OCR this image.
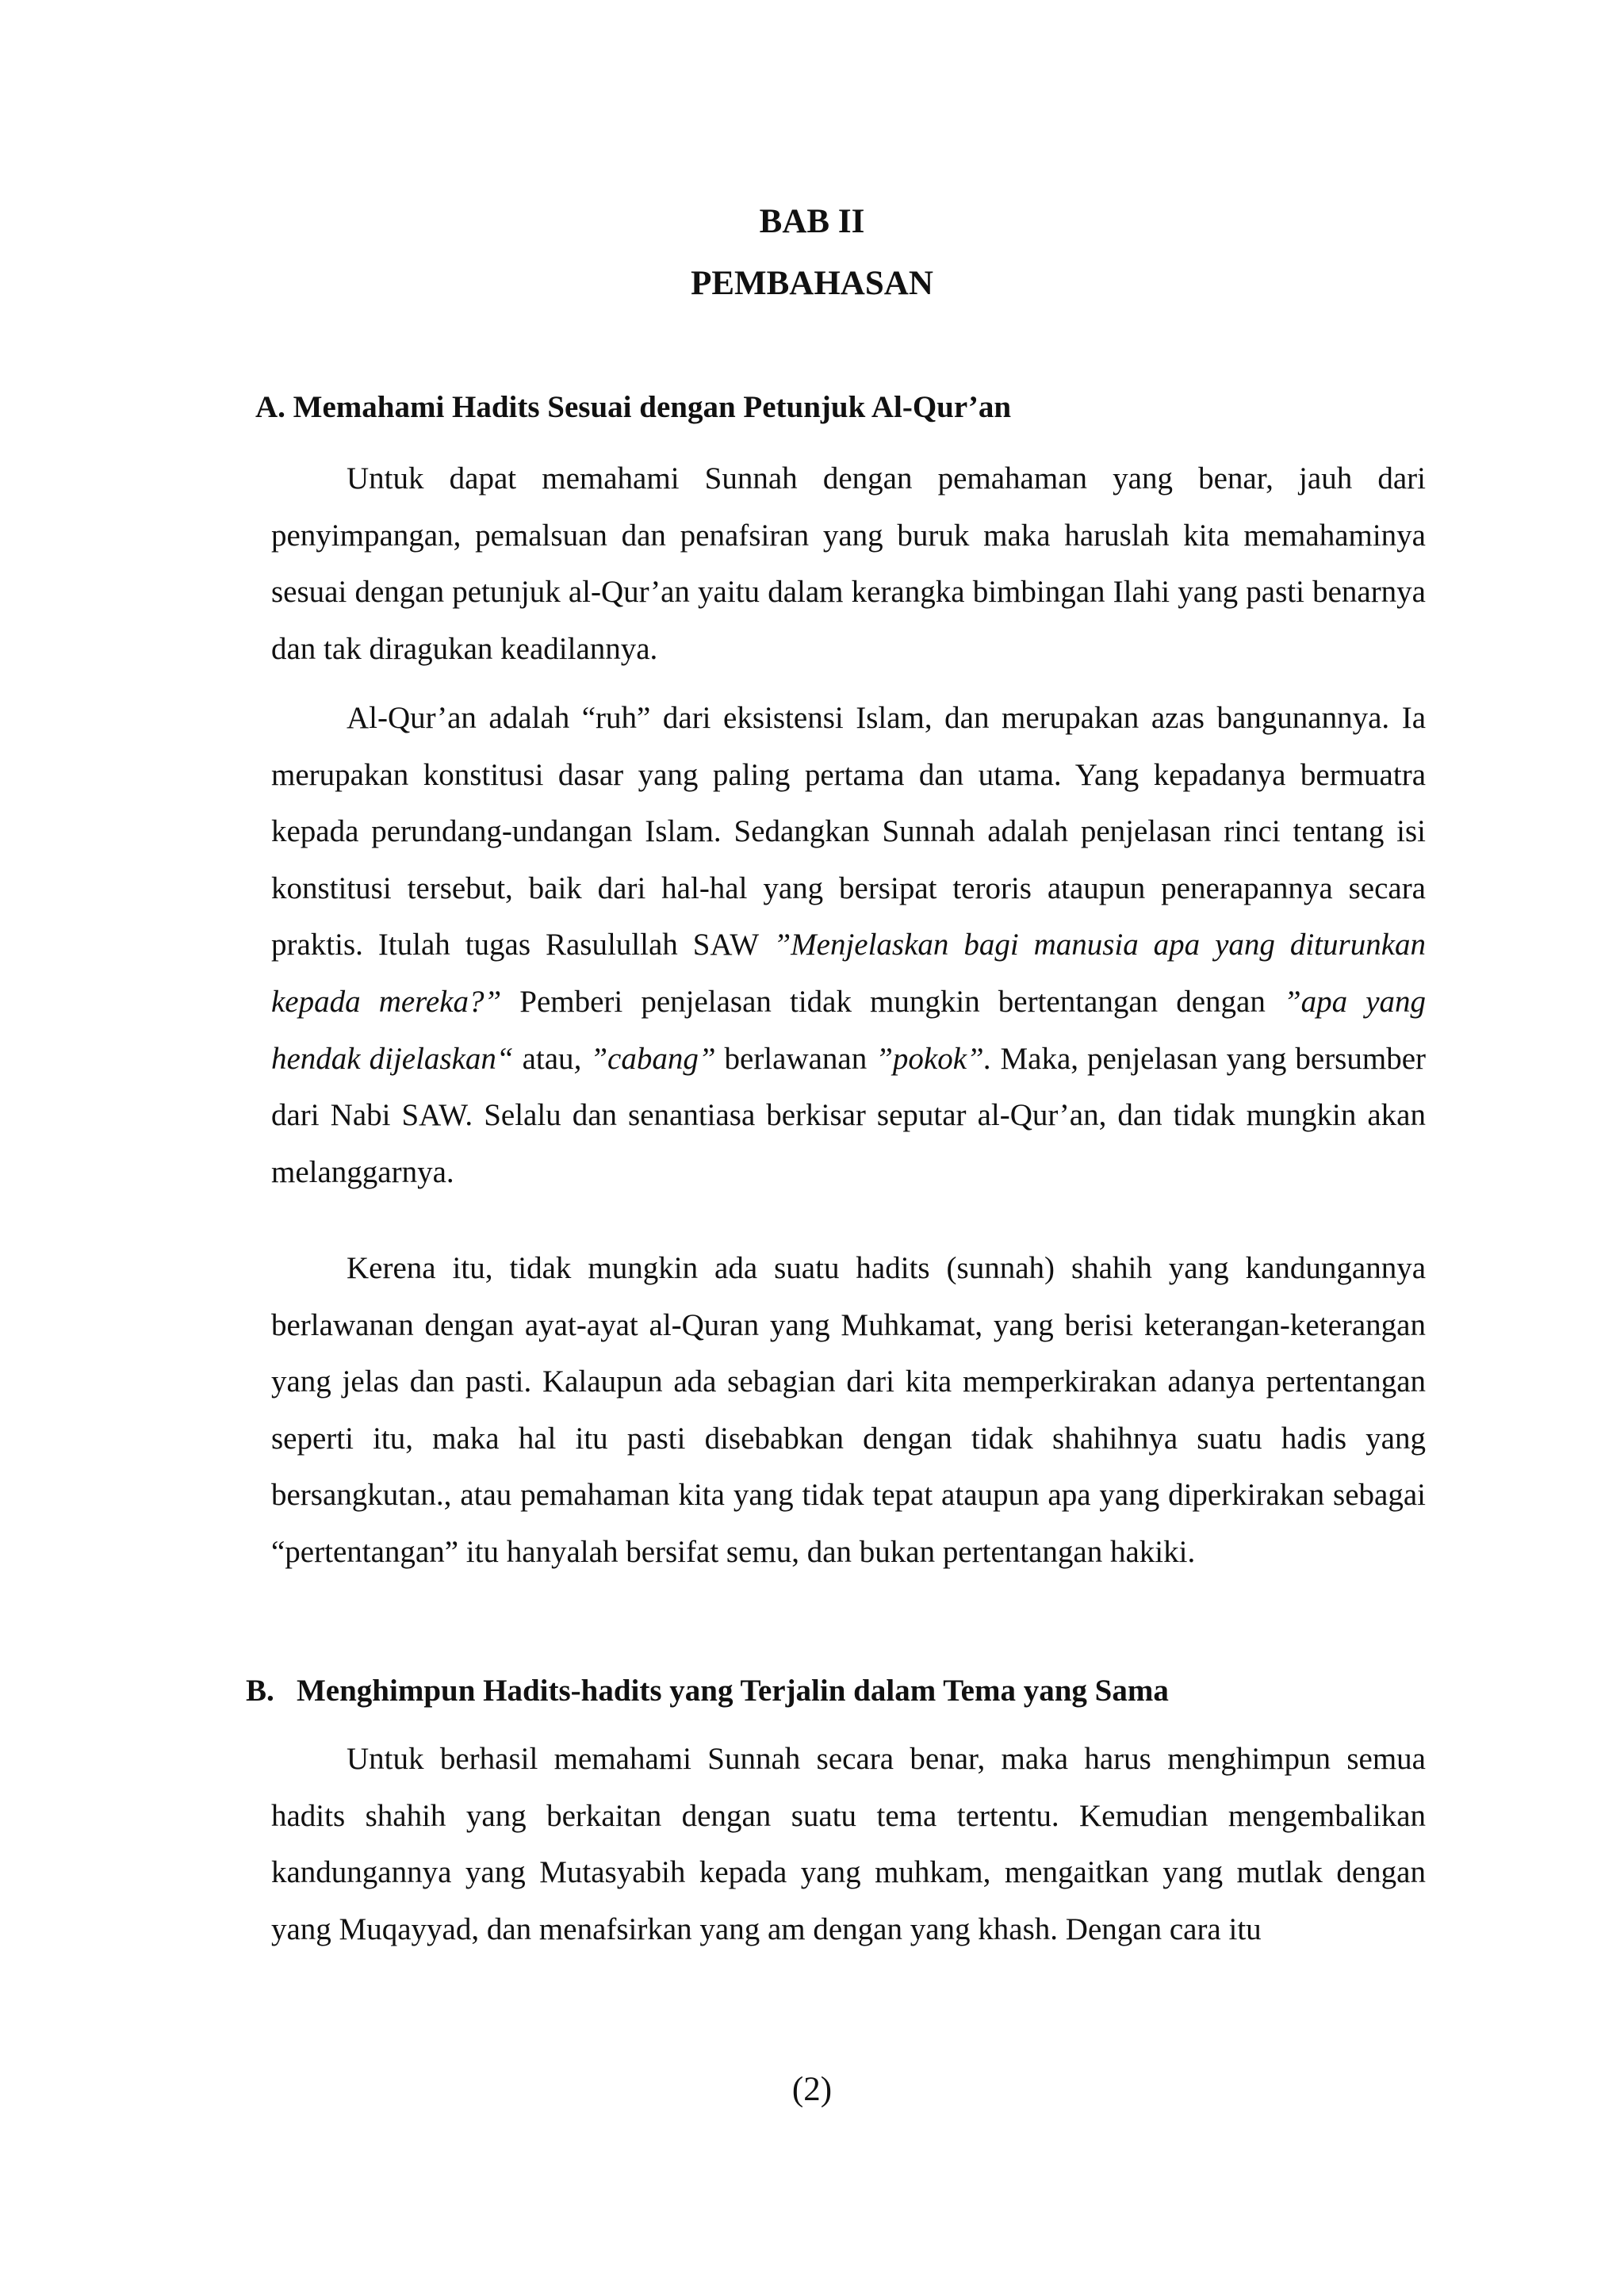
BAB II
PEMBAHASAN
A. Memahami Hadits Sesuai dengan Petunjuk Al-Qur’an

Untuk dapat memahami Sunnah dengan pemahaman yang benar, jauh dari penyimpangan, pemalsuan dan penafsiran yang buruk maka haruslah kita memahaminya sesuai dengan petunjuk al-Qur’an yaitu dalam kerangka bimbingan Ilahi yang pasti benarnya dan tak diragukan keadilannya.

Al-Qur’an adalah “ruh” dari eksistensi Islam, dan merupakan azas bangunannya. Ia merupakan konstitusi dasar yang paling pertama dan utama. Yang kepadanya bermuatra kepada perundang-undangan Islam. Sedangkan Sunnah adalah penjelasan rinci tentang isi konstitusi tersebut, baik dari hal-hal yang bersipat teroris ataupun penerapannya secara praktis. Itulah tugas Rasulullah SAW ”Menjelaskan bagi manusia apa yang diturunkan kepada mereka?” Pemberi penjelasan tidak mungkin bertentangan dengan ”apa yang hendak dijelaskan“ atau, ”cabang” berlawanan ”pokok”. Maka, penjelasan yang bersumber dari Nabi SAW. Selalu dan senantiasa berkisar seputar al-Qur’an, dan tidak mungkin akan melanggarnya.

Kerena itu, tidak mungkin ada suatu hadits (sunnah) shahih yang kandungannya berlawanan dengan ayat-ayat al-Quran yang Muhkamat, yang berisi keterangan-keterangan yang jelas dan pasti. Kalaupun ada sebagian dari kita memperkirakan adanya pertentangan seperti itu, maka hal itu pasti disebabkan dengan tidak shahihnya suatu hadis yang bersangkutan., atau pemahaman kita yang tidak tepat ataupun apa yang diperkirakan sebagai “pertentangan” itu hanyalah bersifat semu, dan bukan pertentangan hakiki.

B. Menghimpun Hadits-hadits yang Terjalin dalam Tema yang Sama

Untuk berhasil memahami Sunnah secara benar, maka harus menghimpun semua hadits shahih yang berkaitan dengan suatu tema tertentu. Kemudian mengembalikan kandungannya yang Mutasyabih kepada yang muhkam, mengaitkan yang mutlak dengan yang Muqayyad, dan menafsirkan yang am dengan yang khash. Dengan cara itu

(2)
